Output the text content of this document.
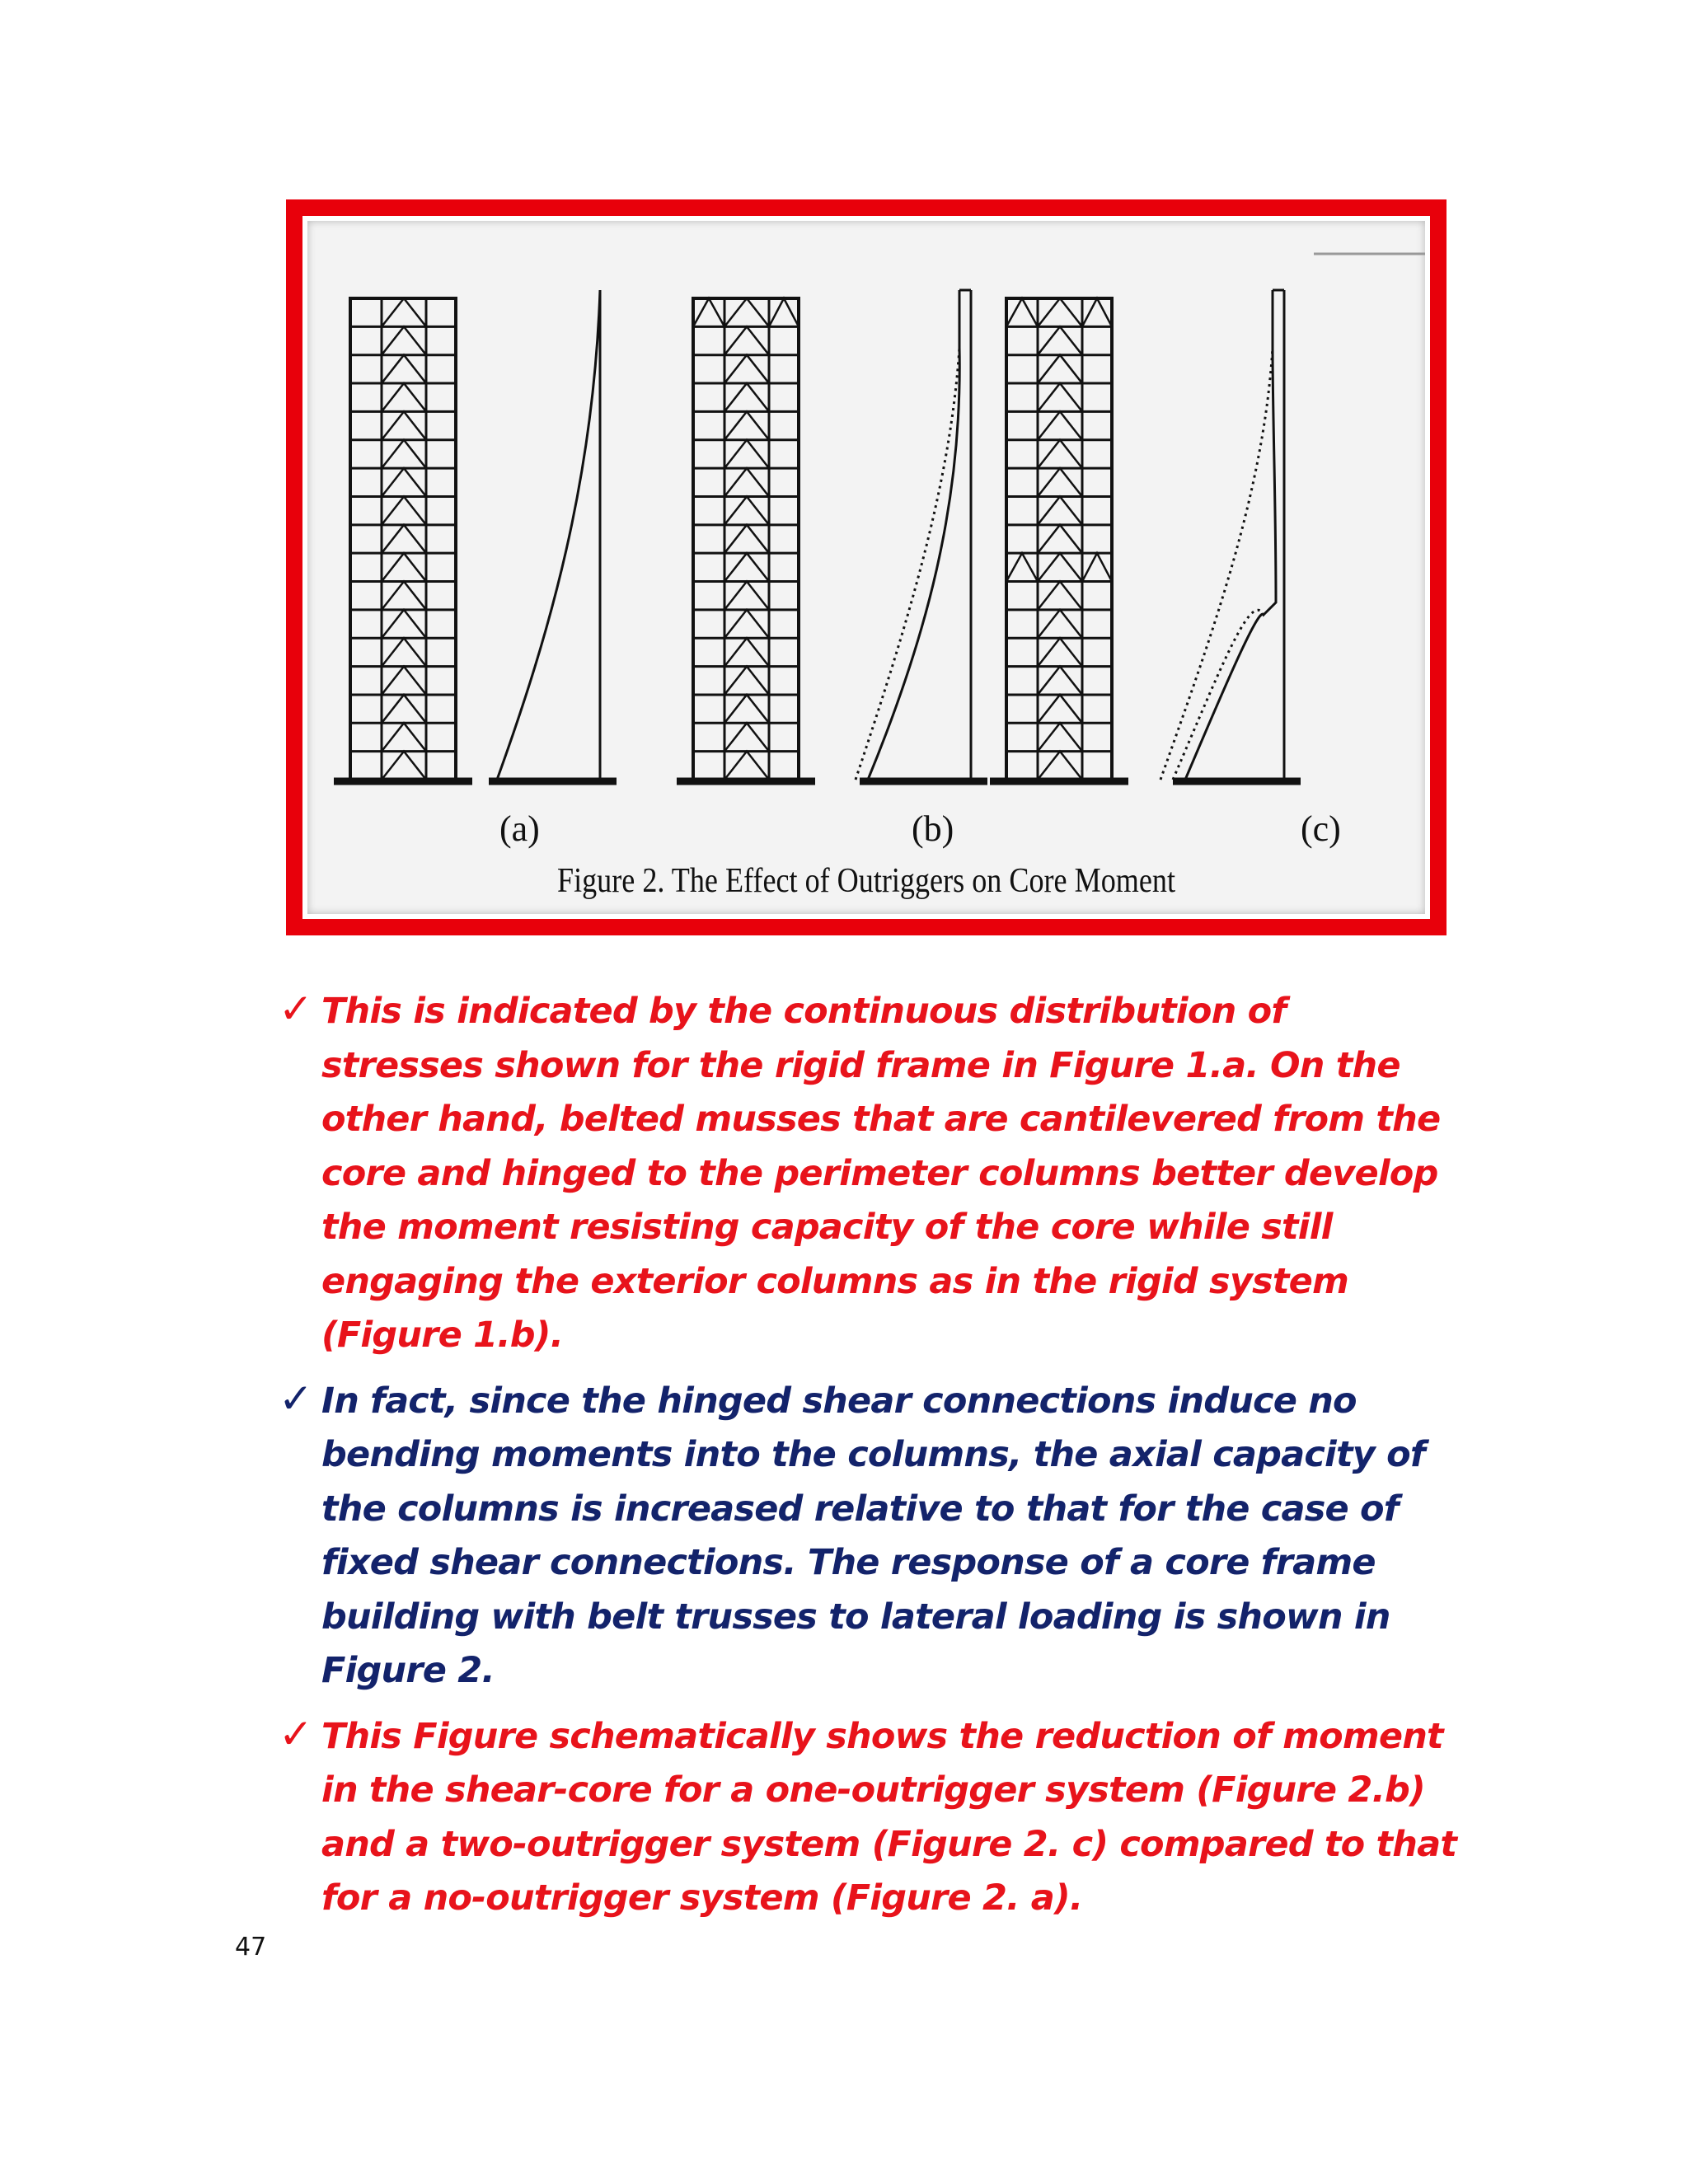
(a)	(b)	(c)
Figure 2. The Effect of Outriggers on Core Moment
✓ This is indicated by the continuous distribution of stresses shown for the rigid frame in Figure 1.a. On the other hand, belted musses that are cantilevered from the core and hinged to the perimeter columns better develop the moment resisting capacity of the core while still engaging the exterior columns as in the rigid system (Figure 1.b).
✓ In fact, since the hinged shear connections induce no bending moments into the columns, the axial capacity of the columns is increased relative to that for the case of fixed shear connections. The response of a core frame building with belt trusses to lateral loading is shown in Figure 2.
✓ This Figure schematically shows the reduction of moment in the shear-core for a one-outrigger system (Figure 2.b) and a two-outrigger system (Figure 2. c) compared to that for a no-outrigger system (Figure 2. a).
47
